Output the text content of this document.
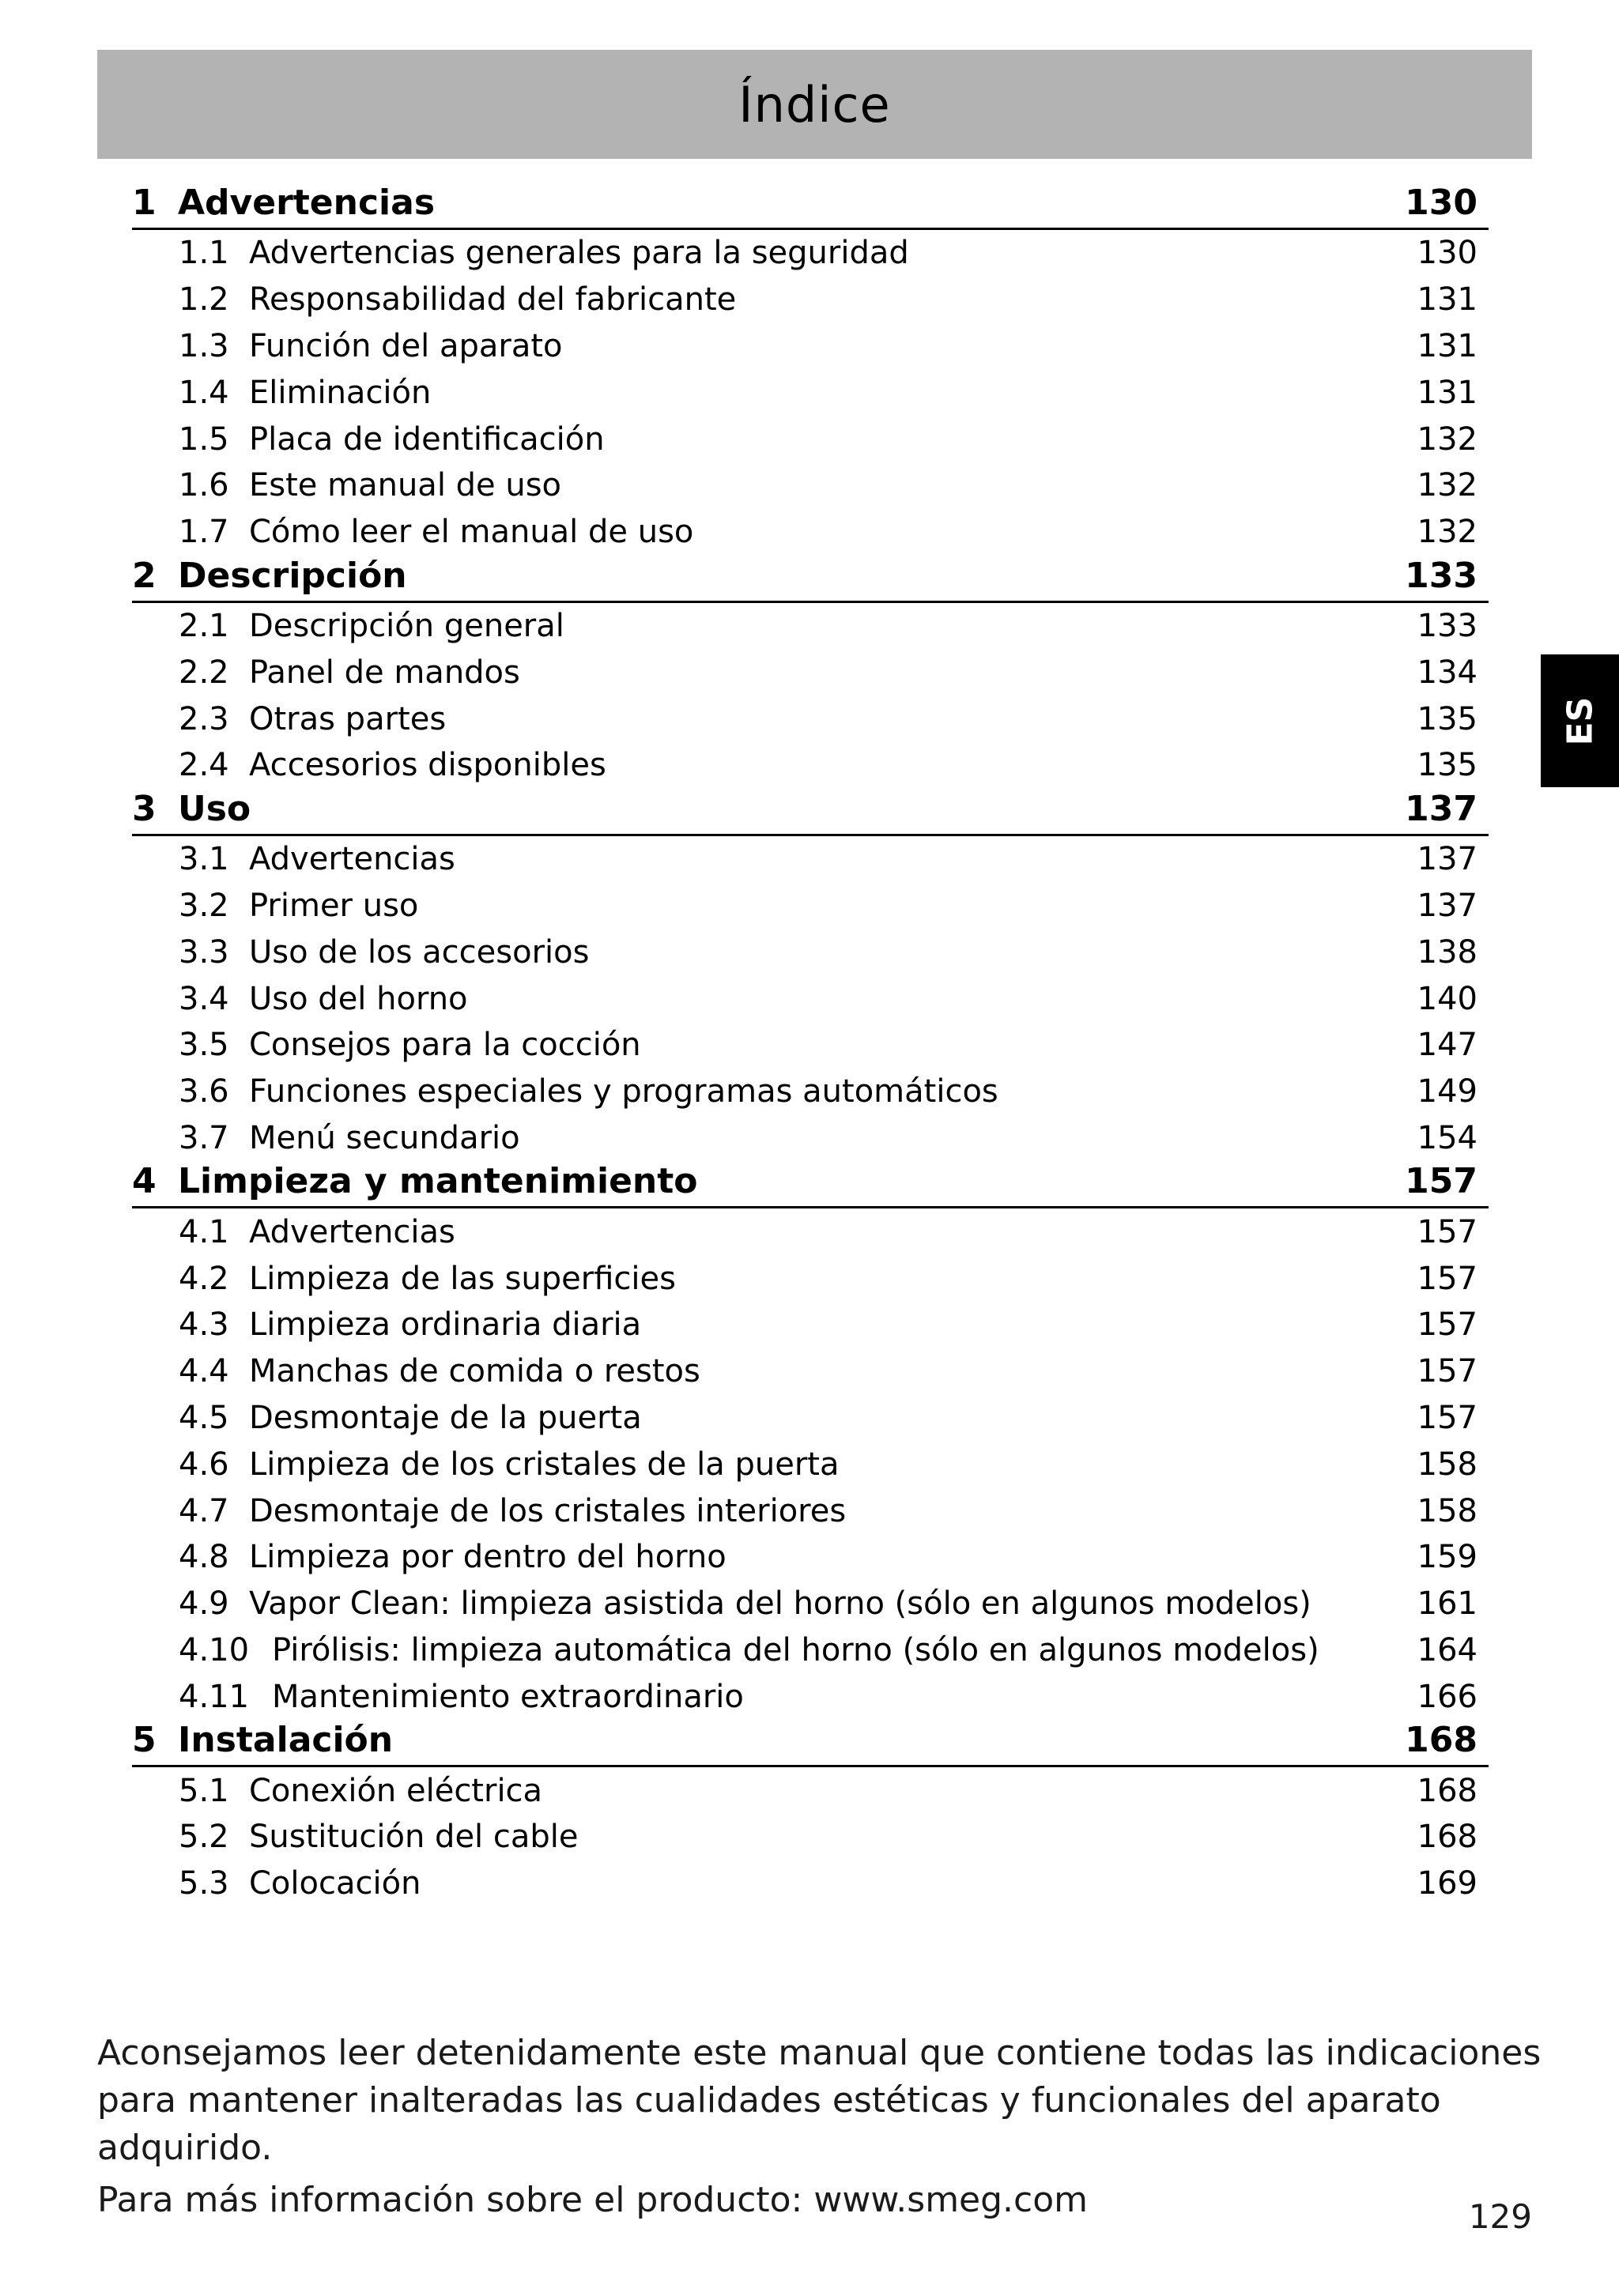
Índice
1 Advertencias	130
1.1 Advertencias generales para la seguridad	130
1.2 Responsabilidad del fabricante	131
1.3 Función del aparato	131
1.4 Eliminación	131
1.5 Placa de identificación	132
1.6 Este manual de uso	132
1.7 Cómo leer el manual de uso	132
2 Descripción	133
2.1 Descripción general	133
2.2 Panel de mandos	134
2.3 Otras partes	135
2.4 Accesorios disponibles	135
3 Uso	137
3.1 Advertencias	137
3.2 Primer uso	137
3.3 Uso de los accesorios	138
3.4 Uso del horno	140
3.5 Consejos para la cocción	147
3.6 Funciones especiales y programas automáticos	149
3.7 Menú secundario	154
4 Limpieza y mantenimiento	157
4.1 Advertencias	157
4.2 Limpieza de las superficies	157
4.3 Limpieza ordinaria diaria	157
4.4 Manchas de comida o restos	157
4.5 Desmontaje de la puerta	157
4.6 Limpieza de los cristales de la puerta	158
4.7 Desmontaje de los cristales interiores	158
4.8 Limpieza por dentro del horno	159
4.9 Vapor Clean: limpieza asistida del horno (sólo en algunos modelos)	161
4.10 Pirólisis: limpieza automática del horno (sólo en algunos modelos)	164
4.11 Mantenimiento extraordinario	166
5 Instalación	168
5.1 Conexión eléctrica	168
5.2 Sustitución del cable	168
5.3 Colocación	169
ES

Aconsejamos leer detenidamente este manual que contiene todas las indicaciones para mantener inalteradas las cualidades estéticas y funcionales del aparato adquirido.

Para más información sobre el producto: www.smeg.com	129
